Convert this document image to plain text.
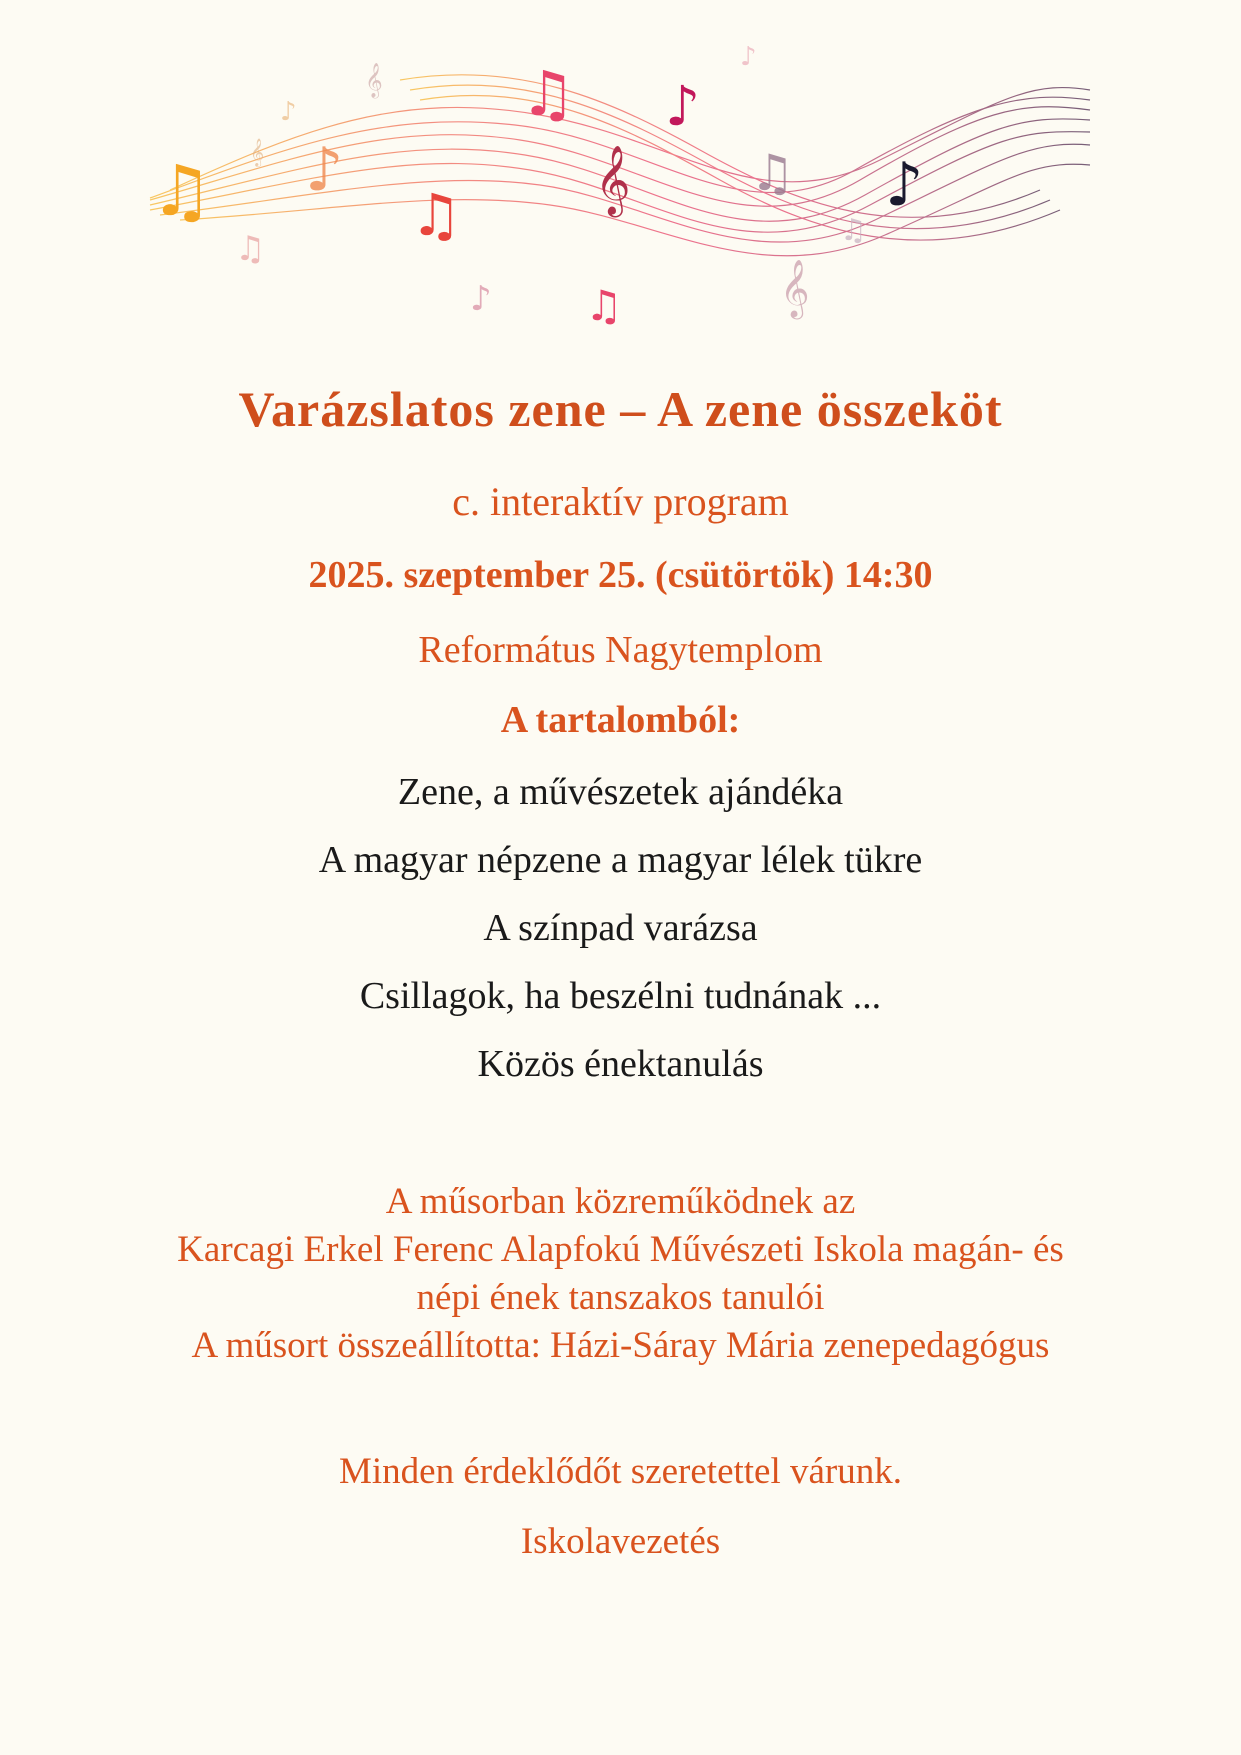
♫ ♪
♫
♫ ♪
♫ ♪
♫
♪
♫	♫
♪
♪
𝄞
𝄞
𝄞
𝄞
Varázslatos zene – A zene összeköt
c. interaktív program
2025. szeptember 25. (csütörtök) 14:30
Református Nagytemplom
A tartalomból:
Zene, a művészetek ajándéka
A magyar népzene a magyar lélek tükre
A színpad varázsa
Csillagok, ha beszélni tudnának ...
Közös énektanulás
A műsorban közreműködnek az
Karcagi Erkel Ferenc Alapfokú Művészeti Iskola magán- és
népi ének tanszakos tanulói
A műsort összeállította: Házi-Sáray Mária zenepedagógus
Minden érdeklődőt szeretettel várunk.
Iskolavezetés
